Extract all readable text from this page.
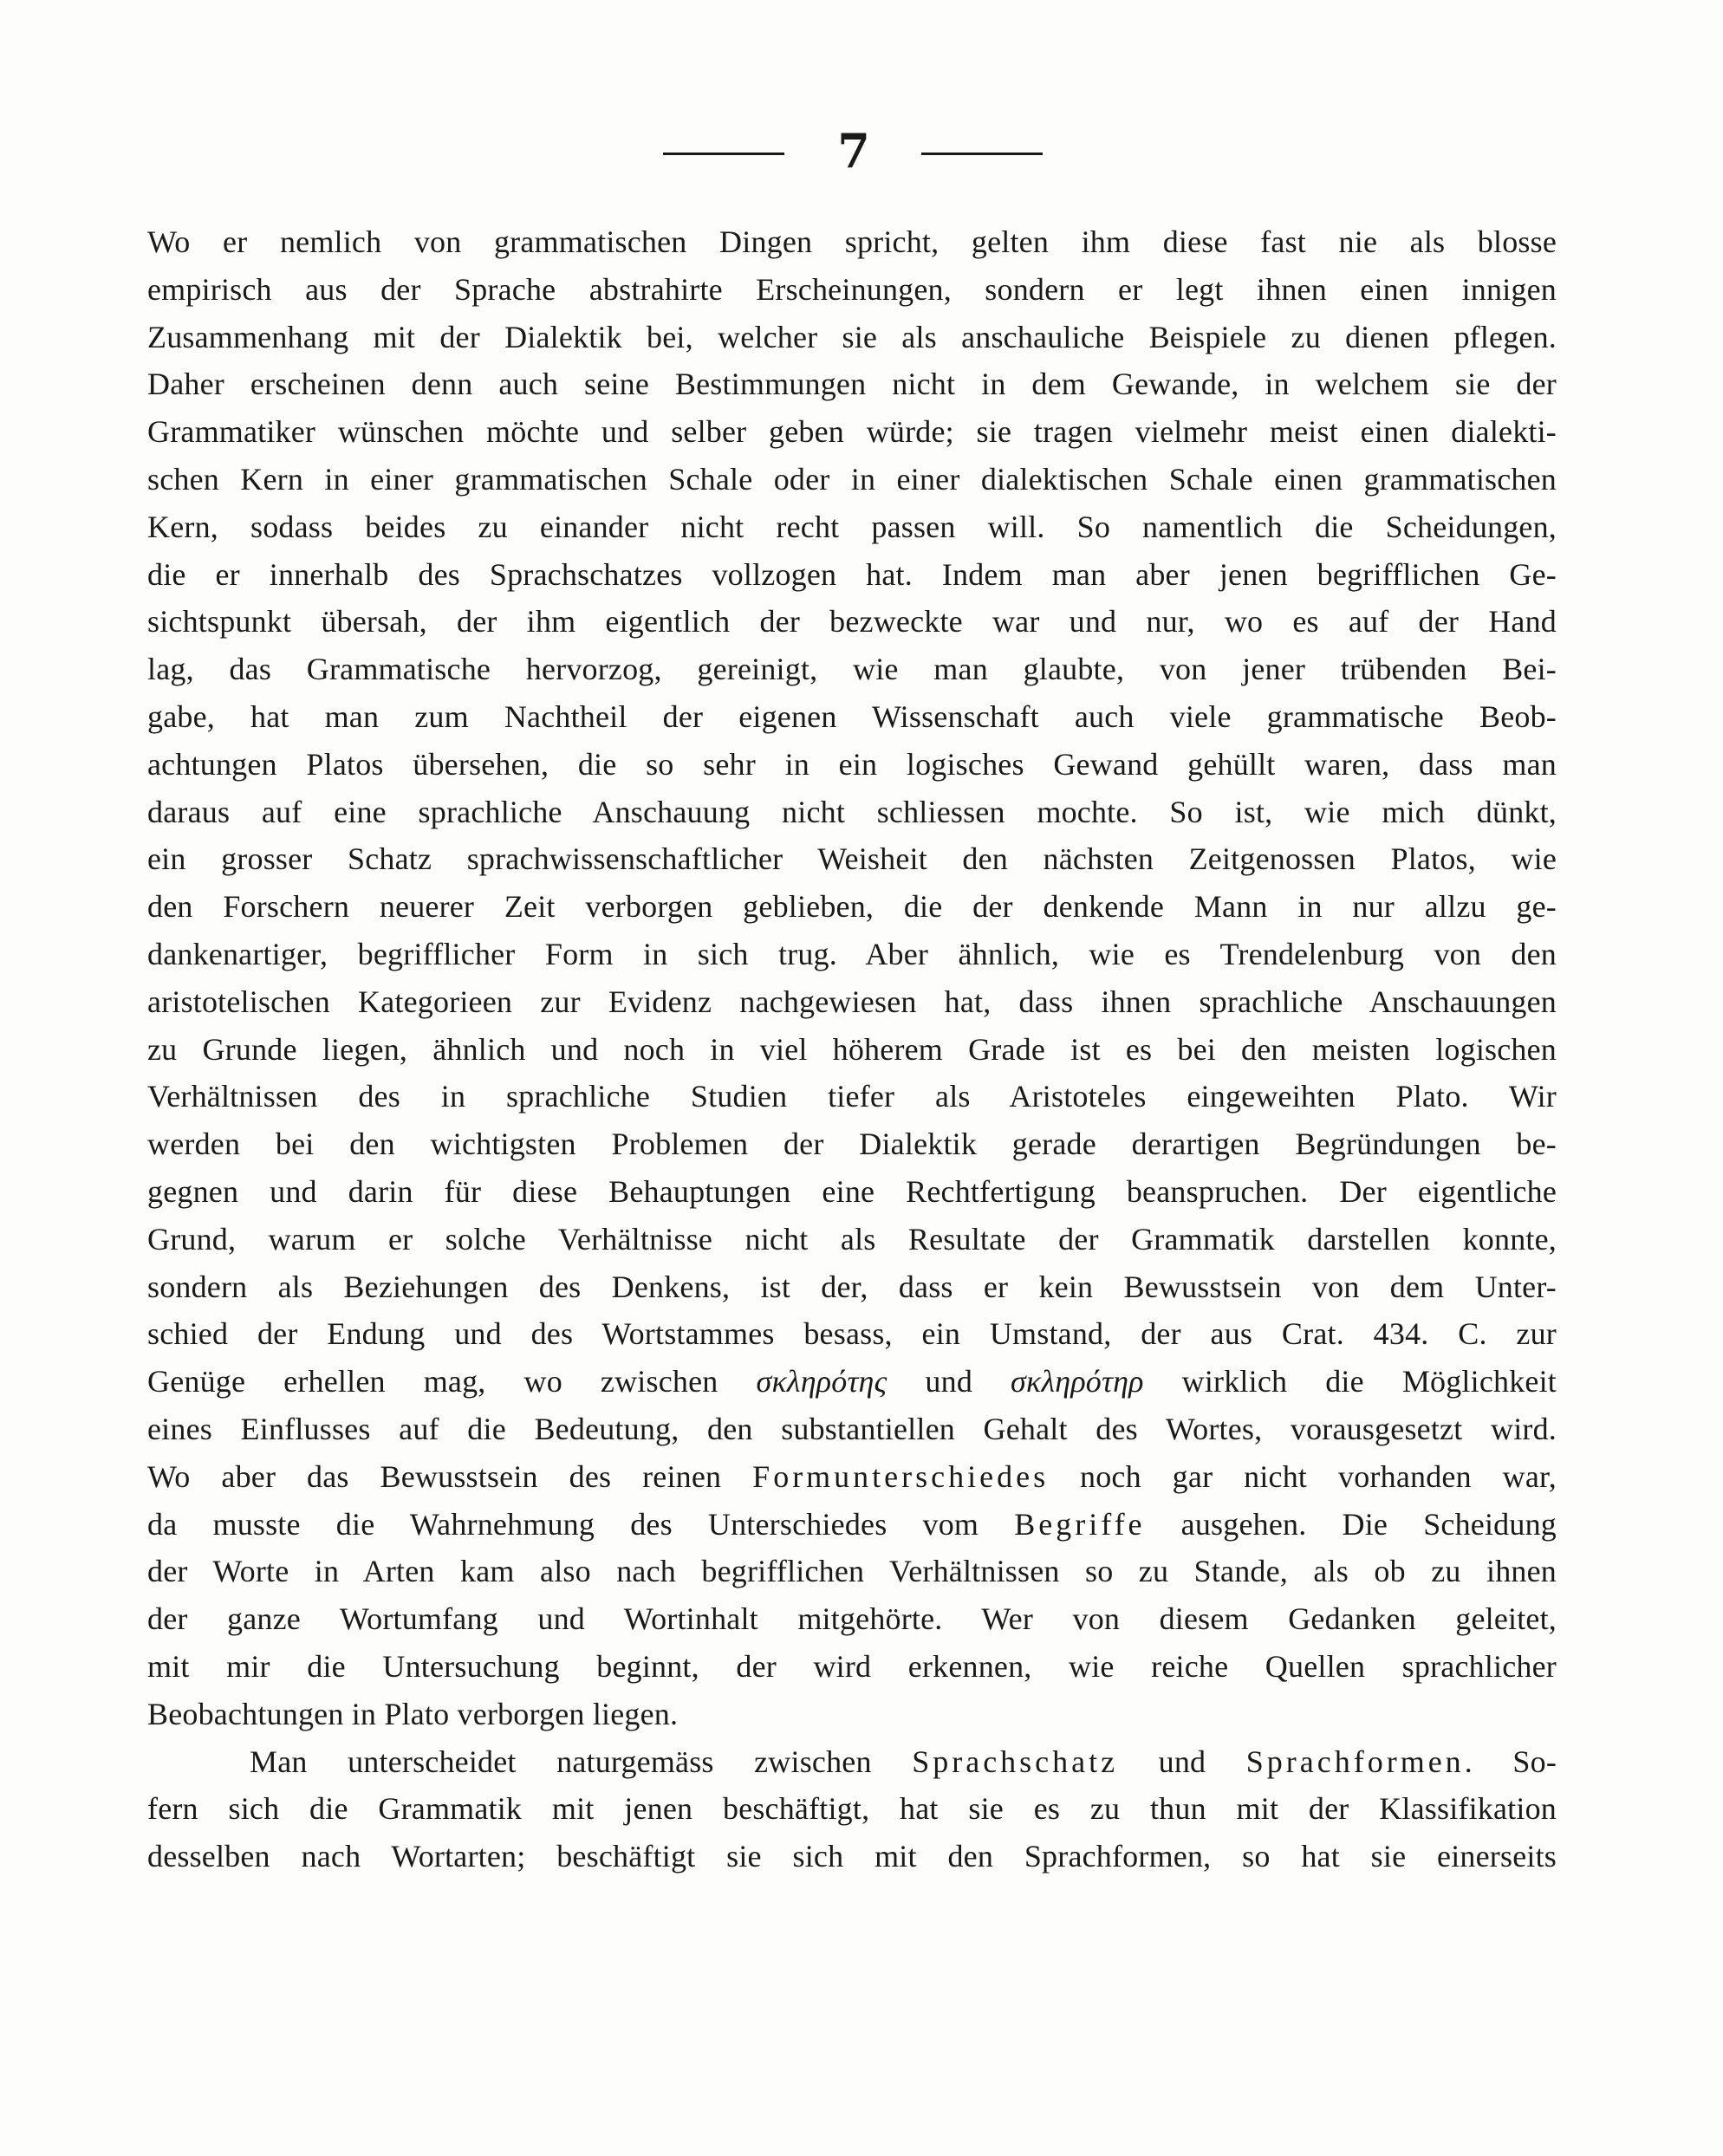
7
Wo er nemlich von grammatischen Dingen spricht, gelten ihm diese fast nie als blosse
empirisch aus der Sprache abstrahirte Erscheinungen, sondern er legt ihnen einen innigen
Zusammenhang mit der Dialektik bei, welcher sie als anschauliche Beispiele zu dienen pflegen.
Daher erscheinen denn auch seine Bestimmungen nicht in dem Gewande, in welchem sie der
Grammatiker wünschen möchte und selber geben würde; sie tragen vielmehr meist einen dialekti-
schen Kern in einer grammatischen Schale oder in einer dialektischen Schale einen grammatischen
Kern, sodass beides zu einander nicht recht passen will. So namentlich die Scheidungen,
die er innerhalb des Sprachschatzes vollzogen hat. Indem man aber jenen begrifflichen Ge-
sichtspunkt übersah, der ihm eigentlich der bezweckte war und nur, wo es auf der Hand
lag, das Grammatische hervorzog, gereinigt, wie man glaubte, von jener trübenden Bei-
gabe, hat man zum Nachtheil der eigenen Wissenschaft auch viele grammatische Beob-
achtungen Platos übersehen, die so sehr in ein logisches Gewand gehüllt waren, dass man
daraus auf eine sprachliche Anschauung nicht schliessen mochte. So ist, wie mich dünkt,
ein grosser Schatz sprachwissenschaftlicher Weisheit den nächsten Zeitgenossen Platos, wie
den Forschern neuerer Zeit verborgen geblieben, die der denkende Mann in nur allzu ge-
dankenartiger, begrifflicher Form in sich trug. Aber ähnlich, wie es Trendelenburg von den
aristotelischen Kategorieen zur Evidenz nachgewiesen hat, dass ihnen sprachliche Anschauungen
zu Grunde liegen, ähnlich und noch in viel höherem Grade ist es bei den meisten logischen
Verhältnissen des in sprachliche Studien tiefer als Aristoteles eingeweihten Plato. Wir
werden bei den wichtigsten Problemen der Dialektik gerade derartigen Begründungen be-
gegnen und darin für diese Behauptungen eine Rechtfertigung beanspruchen. Der eigentliche
Grund, warum er solche Verhältnisse nicht als Resultate der Grammatik darstellen konnte,
sondern als Beziehungen des Denkens, ist der, dass er kein Bewusstsein von dem Unter-
schied der Endung und des Wortstammes besass, ein Umstand, der aus Crat. 434. C. zur
Genüge erhellen mag, wo zwischen σκληρότης und σκληρότηρ wirklich die Möglichkeit
eines Einflusses auf die Bedeutung, den substantiellen Gehalt des Wortes, vorausgesetzt wird.
Wo aber das Bewusstsein des reinen Formunterschiedes noch gar nicht vorhanden war,
da musste die Wahrnehmung des Unterschiedes vom Begriffe ausgehen. Die Scheidung
der Worte in Arten kam also nach begrifflichen Verhältnissen so zu Stande, als ob zu ihnen
der ganze Wortumfang und Wortinhalt mitgehörte. Wer von diesem Gedanken geleitet,
mit mir die Untersuchung beginnt, der wird erkennen, wie reiche Quellen sprachlicher
Beobachtungen in Plato verborgen liegen.
Man unterscheidet naturgemäss zwischen Sprachschatz und Sprachformen. So-
fern sich die Grammatik mit jenen beschäftigt, hat sie es zu thun mit der Klassifikation
desselben nach Wortarten; beschäftigt sie sich mit den Sprachformen, so hat sie einerseits
